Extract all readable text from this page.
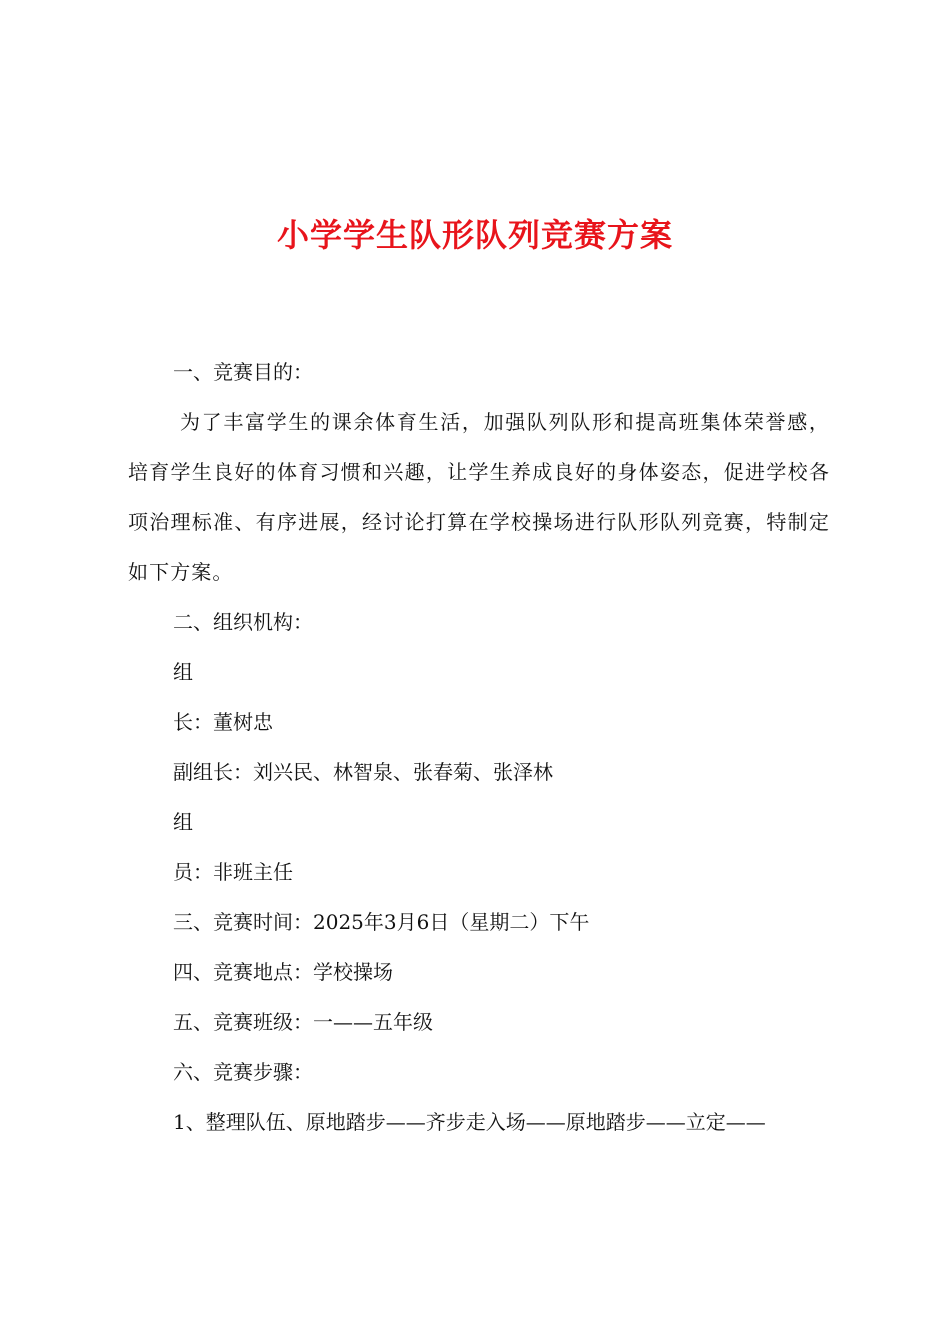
小学学生队形队列竞赛方案

一、竞赛目的：

为了丰富学生的课余体育生活，加强队列队形和提高班集体荣誉感，培育学生良好的体育习惯和兴趣，让学生养成良好的身体姿态，促进学校各项治理标准、有序进展，经讨论打算在学校操场进行队形队列竞赛，特制定如下方案。

二、组织机构：

组

长：董树忠

副组长：刘兴民、林智泉、张春菊、张泽林

组

员：非班主任

三、竞赛时间：2025年3月6日（星期二）下午

四、竞赛地点：学校操场

五、竞赛班级：一——五年级

六、竞赛步骤：

1、整理队伍、原地踏步——齐步走入场——原地踏步——立定——
